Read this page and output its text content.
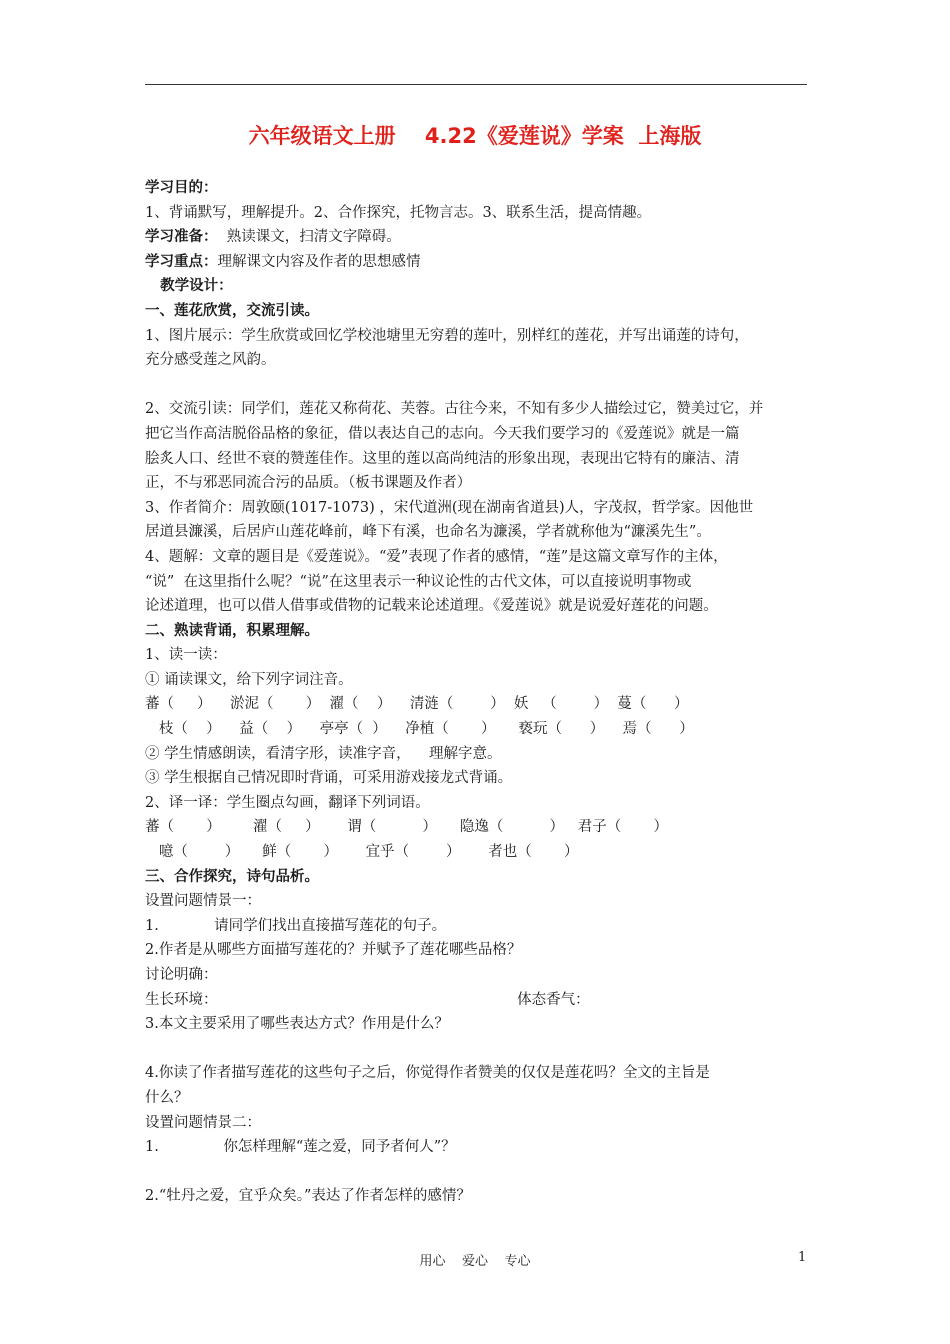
六年级语文上册    4.22《爱莲说》学案  上海版
学习目的：
1、背诵默写，理解提升。2、合作探究，托物言志。3、联系生活，提高情趣。
学习准备：  熟读课文，扫清文字障碍。
学习重点：理解课文内容及作者的思想感情
教学设计：
一、莲花欣赏，交流引读。
1、图片展示：学生欣赏或回忆学校池塘里无穷碧的莲叶，别样红的莲花，并写出诵莲的诗句，
充分感受莲之风韵。
2、交流引读：同学们，莲花又称荷花、芙蓉。古往今来，不知有多少人描绘过它，赞美过它，并
把它当作高洁脱俗品格的象征，借以表达自己的志向。今天我们要学习的《爱莲说》就是一篇
脍炙人口、经世不衰的赞莲佳作。这里的莲以高尚纯洁的形象出现，表现出它特有的廉洁、清
正，不与邪恶同流合污的品质。（板书课题及作者）
3、作者简介：周敦颐(1017-1073) ，宋代道洲(现在湖南省道县)人，字茂叔，哲学家。因他世
居道县濂溪，后居庐山莲花峰前，峰下有溪，也命名为濂溪，学者就称他为“濂溪先生”。
4、题解：文章的题目是《爱莲说》。“爱”表现了作者的感情，“莲”是这篇文章写作的主体，
“说”  在这里指什么呢？“说”在这里表示一种议论性的古代文体，可以直接说明事物或
论述道理，也可以借人借事或借物的记载来论述道理。《爱莲说》就是说爱好莲花的问题。
二、熟读背诵，积累理解。
1、读一读：
① 诵读课文，给下列字词注音。
蕃（     ）    淤泥（       ）  濯（    ）    清涟（        ）  妖   （        ）  蔓（      ）
枝（    ）    益（    ）    亭亭（  ）    净植（       ）     亵玩（      ）    焉（      ）
② 学生情感朗读，看清字形，读准字音，    理解字意。
③ 学生根据自己情况即时背诵，可采用游戏接龙式背诵。
2、译一译：学生圈点勾画，翻译下列词语。
蕃（       ）       濯（     ）      谓（          ）     隐逸（          ）   君子（       ）
噫（        ）     鲜（       ）      宜乎（        ）      者也（       ）
三、合作探究，诗句品析。
设置问题情景一：
1.            请同学们找出直接描写莲花的句子。
2.作者是从哪些方面描写莲花的？并赋予了莲花哪些品格？
讨论明确：
生长环境：                                                                 体态香气：
3.本文主要采用了哪些表达方式？作用是什么？
4.你读了作者描写莲花的这些句子之后，你觉得作者赞美的仅仅是莲花吗？全文的主旨是
什么？
设置问题情景二：
1.              你怎样理解“莲之爱，同予者何人”？
2.“牡丹之爱，宜乎众矣。”表达了作者怎样的感情？
用心    爱心    专心	1
